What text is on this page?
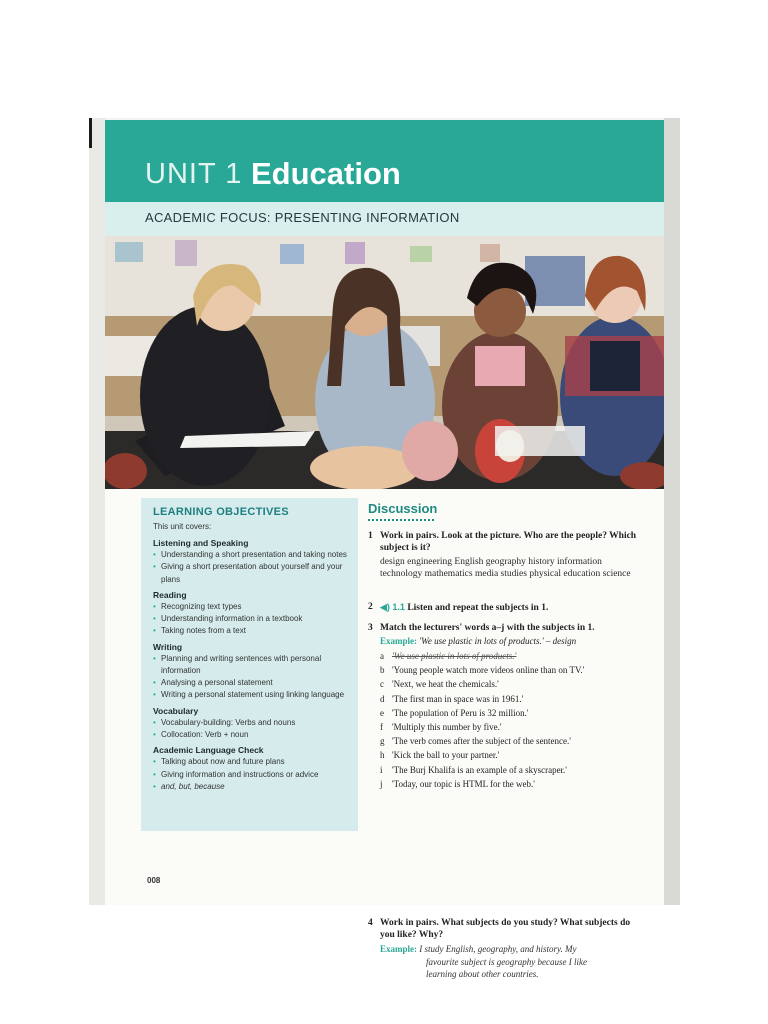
UNIT 1 Education
ACADEMIC FOCUS: PRESENTING INFORMATION
LEARNING OBJECTIVES
This unit covers:
Listening and Speaking
• Understanding a short presentation and taking notes
• Giving a short presentation about yourself and your plans
Reading
• Recognizing text types
• Understanding information in a textbook
• Taking notes from a text
Writing
• Planning and writing sentences with personal information
• Analysing a personal statement
• Writing a personal statement using linking language
Vocabulary
• Vocabulary-building: Verbs and nouns
• Collocation: Verb + noun
Academic Language Check
• Talking about now and future plans
• Giving information and instructions or advice
• and, but, because
Discussion
1 Work in pairs. Look at the picture. Who are the people? Which subject is it?
design engineering English geography history information technology mathematics media studies physical education science
2 ◀) 1.1 Listen and repeat the subjects in 1.
3 Match the lecturers' words a–j with the subjects in 1.
Example: 'We use plastic in lots of products.' – design
a 'We use plastic in lots of products.'
b 'Young people watch more videos online than on TV.'
c 'Next, we heat the chemicals.'
d 'The first man in space was in 1961.'
e 'The population of Peru is 32 million.'
f 'Multiply this number by five.'
g 'The verb comes after the subject of the sentence.'
h 'Kick the ball to your partner.'
i 'The Burj Khalifa is an example of a skyscraper.'
j 'Today, our topic is HTML for the web.'
4 Work in pairs. What subjects do you study? What subjects do you like? Why?
Example: I study English, geography, and history. My
favourite subject is geography because I like
learning about other countries.
008
